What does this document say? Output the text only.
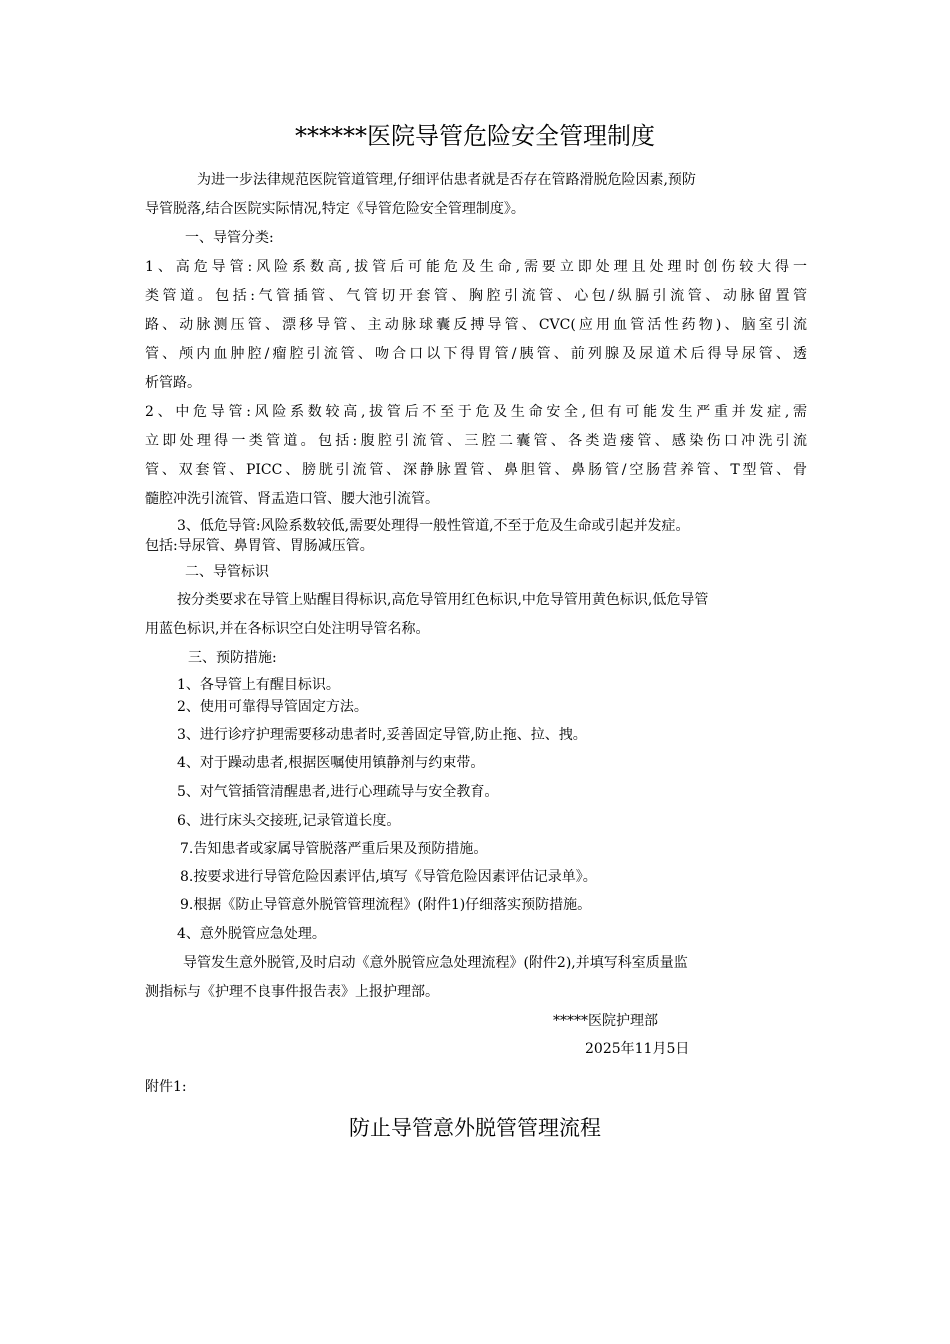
******医院导管危险安全管理制度
为进一步法律规范医院管道管理,仔细评估患者就是否存在管路滑脱危险因素,预防
导管脱落,结合医院实际情况,特定《导管危险安全管理制度》。
一、导管分类:
1、高危导管:风险系数高,拔管后可能危及生命,需要立即处理且处理时创伤较大得一
类管道。包括:气管插管、气管切开套管、胸腔引流管、心包/纵膈引流管、动脉留置管
路、动脉测压管、漂移导管、主动脉球囊反搏导管、CVC(应用血管活性药物)、脑室引流
管、颅内血肿腔/瘤腔引流管、吻合口以下得胃管/胰管、前列腺及尿道术后得导尿管、透
析管路。
2、中危导管:风险系数较高,拔管后不至于危及生命安全,但有可能发生严重并发症,需
立即处理得一类管道。包括:腹腔引流管、三腔二囊管、各类造瘘管、感染伤口冲洗引流
管、双套管、PICC、膀胱引流管、深静脉置管、鼻胆管、鼻肠管/空肠营养管、T型管、骨
髓腔冲洗引流管、肾盂造口管、腰大池引流管。
3、低危导管:风险系数较低,需要处理得一般性管道,不至于危及生命或引起并发症。
包括:导尿管、鼻胃管、胃肠减压管。
二、导管标识
按分类要求在导管上贴醒目得标识,高危导管用红色标识,中危导管用黄色标识,低危导管
用蓝色标识,并在各标识空白处注明导管名称。
三、预防措施:
1、各导管上有醒目标识。
2、使用可靠得导管固定方法。
3、进行诊疗护理需要移动患者时,妥善固定导管,防止拖、拉、拽。
4、对于躁动患者,根据医嘱使用镇静剂与约束带。
5、对气管插管清醒患者,进行心理疏导与安全教育。
6、进行床头交接班,记录管道长度。
7.告知患者或家属导管脱落严重后果及预防措施。
8.按要求进行导管危险因素评估,填写《导管危险因素评估记录单》。
9.根据《防止导管意外脱管管理流程》(附件1)仔细落实预防措施。
4、意外脱管应急处理。
导管发生意外脱管,及时启动《意外脱管应急处理流程》(附件2),并填写科室质量监
测指标与《护理不良事件报告表》上报护理部。
*****医院护理部
2025年11月5日
附件1:
防止导管意外脱管管理流程
